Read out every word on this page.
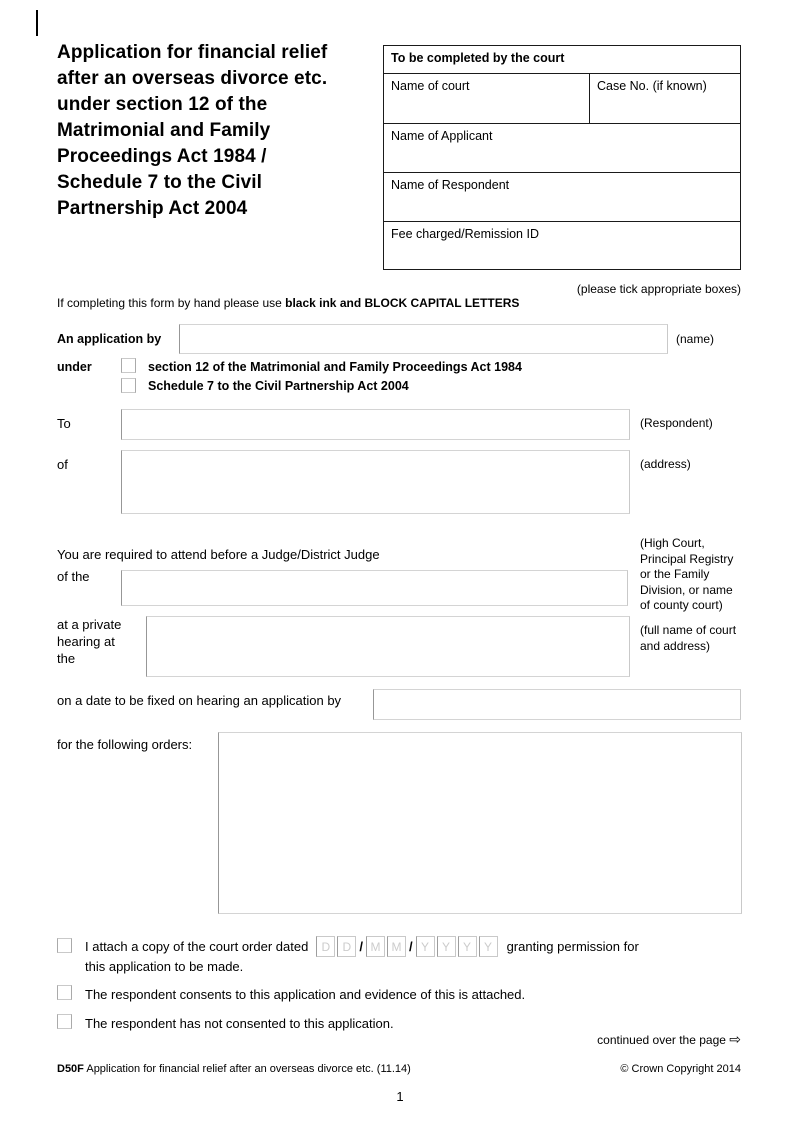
Application for financial relief
after an overseas divorce etc.
under section 12 of the
Matrimonial and Family
Proceedings Act 1984 /
Schedule 7 to the Civil
Partnership Act 2004
To be completed by the court
Name of court	Case No. (if known)
Name of Applicant
Name of Respondent
Fee charged/Remission ID
(please tick appropriate boxes)
If completing this form by hand please use black ink and BLOCK CAPITAL LETTERS
An application by	(name)
under	section 12 of the Matrimonial and Family Proceedings Act 1984
Schedule 7 to the Civil Partnership Act 2004
To	(Respondent)
of	(address)
You are required to attend before a Judge/District Judge
of the
(High Court, Principal Registry or the Family Division, or name of county court)
at a private hearing at the
(full name of court and address)
on a date to be fixed on hearing an application by
for the following orders:
I attach a copy of the court order dated	D	D / M M / Y	Y	Y	Y	granting permission for
this application to be made.
The respondent consents to this application and evidence of this is attached.
The respondent has not consented to this application.
continued over the page ⇨
D50F Application for financial relief after an overseas divorce etc. (11.14)	© Crown Copyright 2014
1
